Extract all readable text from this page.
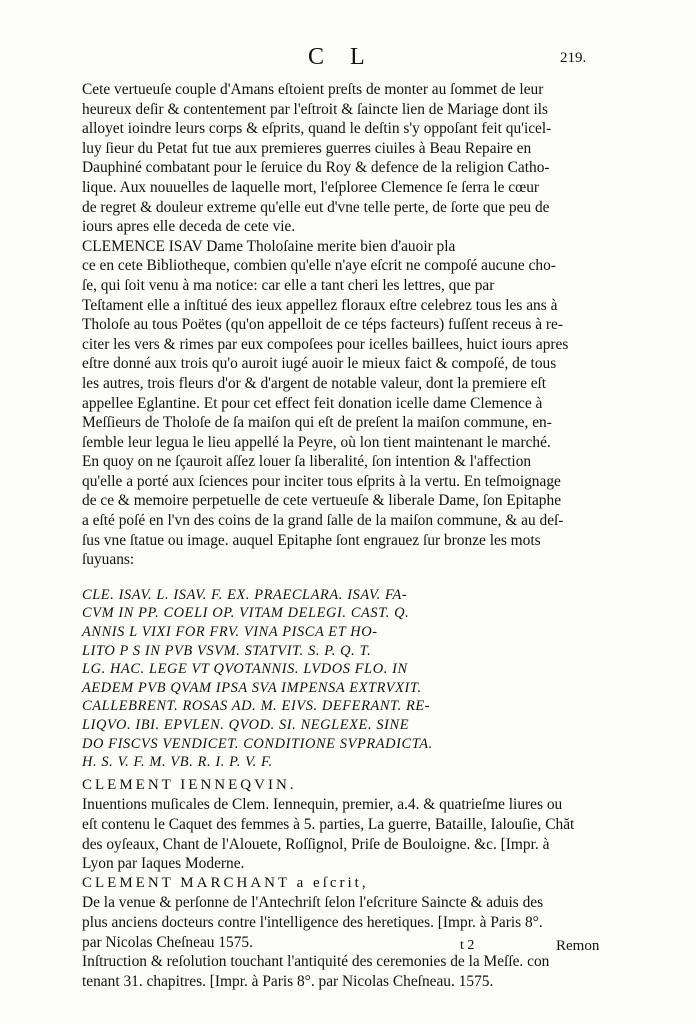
C L	219.
Cete vertueuſe couple d'Amans eſtoient preſts de monter au ſommet de leur
heureux deſir & contentement par l'eſtroit & ſaincte lien de Mariage dont ils
alloyet ioindre leurs corps & eſprits, quand le deſtin s'y oppoſant feit qu'icel-
luy ſieur du Petat fut tue aux premieres guerres ciuiles à Beau Repaire en
Dauphiné combatant pour le ſeruice du Roy & defence de la religion Catho-
lique. Aux nouuelles de laquelle mort, l'eſploree Clemence ſe ſerra le cœur
de regret & douleur extreme qu'elle eut d'vne telle perte, de ſorte que peu de
iours apres elle deceda de cete vie.
CLEMENCE ISAV Dame Tholoſaine merite bien d'auoir pla
ce en cete Bibliotheque, combien qu'elle n'aye eſcrit ne compoſé aucune cho-
ſe, qui ſoit venu à ma notice: car elle a tant cheri les lettres, que par
Teſtament elle a inſtitué des ieux appellez floraux eſtre celebrez tous les ans à
Tholoſe au tous Poëtes (qu'on appelloit de ce téps facteurs) fuſſent receus à re-
citer les vers & rimes par eux compoſees pour icelles baillees, huict iours apres
eſtre donné aux trois qu'o auroit iugé auoir le mieux faict & compoſé, de tous
les autres, trois fleurs d'or & d'argent de notable valeur, dont la premiere eſt
appellee Eglantine. Et pour cet effect feit donation icelle dame Clemence à
Meſſieurs de Tholoſe de ſa maiſon qui eſt de preſent la maiſon commune, en-
ſemble leur legua le lieu appellé la Peyre, où lon tient maintenant le marché.
En quoy on ne ſçauroit aſſez louer ſa liberalité, ſon intention & l'affection
qu'elle a porté aux ſciences pour inciter tous eſprits à la vertu. En teſmoignage
de ce & memoire perpetuelle de cete vertueuſe & liberale Dame, ſon Epitaphe
a eſté poſé en l'vn des coins de la grand ſalle de la maiſon commune, & au deſ-
ſus vne ſtatue ou image. auquel Epitaphe ſont engrauez ſur bronze les mots
ſuyuans:
CLE. ISAV. L. ISAV. F. EX. PRAECLARA. ISAV. FA-
CVM IN PP. COELI OP. VITAM DELEGI. CAST. Q.
ANNIS L VIXI FOR FRV. VINA PISCA ET HO-
LITO P S IN PVB VSVM. STATVIT. S. P. Q. T.
LG. HAC. LEGE VT QVOTANNIS. LVDOS FLO. IN
AEDEM PVB QVAM IPSA SVA IMPENSA EXTRVXIT.
CALLEBRENT. ROSAS AD. M. EIVS. DEFERANT. RE-
LIQVO. IBI. EPVLEN. QVOD. SI. NEGLEXE. SINE
DO FISCVS VENDICET. CONDITIONE SVPRADICTA.
H. S. V. F. M. VB. R. I. P. V. F.
CLEMENT IENNEQVIN.
Inuentions muſicales de Clem. Iennequin, premier, a.4. & quatrieſme liures ou
eſt contenu le Caquet des femmes à 5. parties, La guerre, Bataille, Ialouſie, Chăt
des oyſeaux, Chant de l'Alouete, Roſſignol, Priſe de Bouloigne. &c. [Impr. à
Lyon par Iaques Moderne.
CLEMENT MARCHANT a eſcrit,
De la venue & perſonne de l'Antechriſt ſelon l'eſcriture Saincte & aduis des
plus anciens docteurs contre l'intelligence des heretiques. [Impr. à Paris 8°.
par Nicolas Cheſneau 1575.
Inſtruction & reſolution touchant l'antiquité des ceremonies de la Meſſe. con
tenant 31. chapitres. [Impr. à Paris 8°. par Nicolas Cheſneau. 1575.
t 2	Remon
